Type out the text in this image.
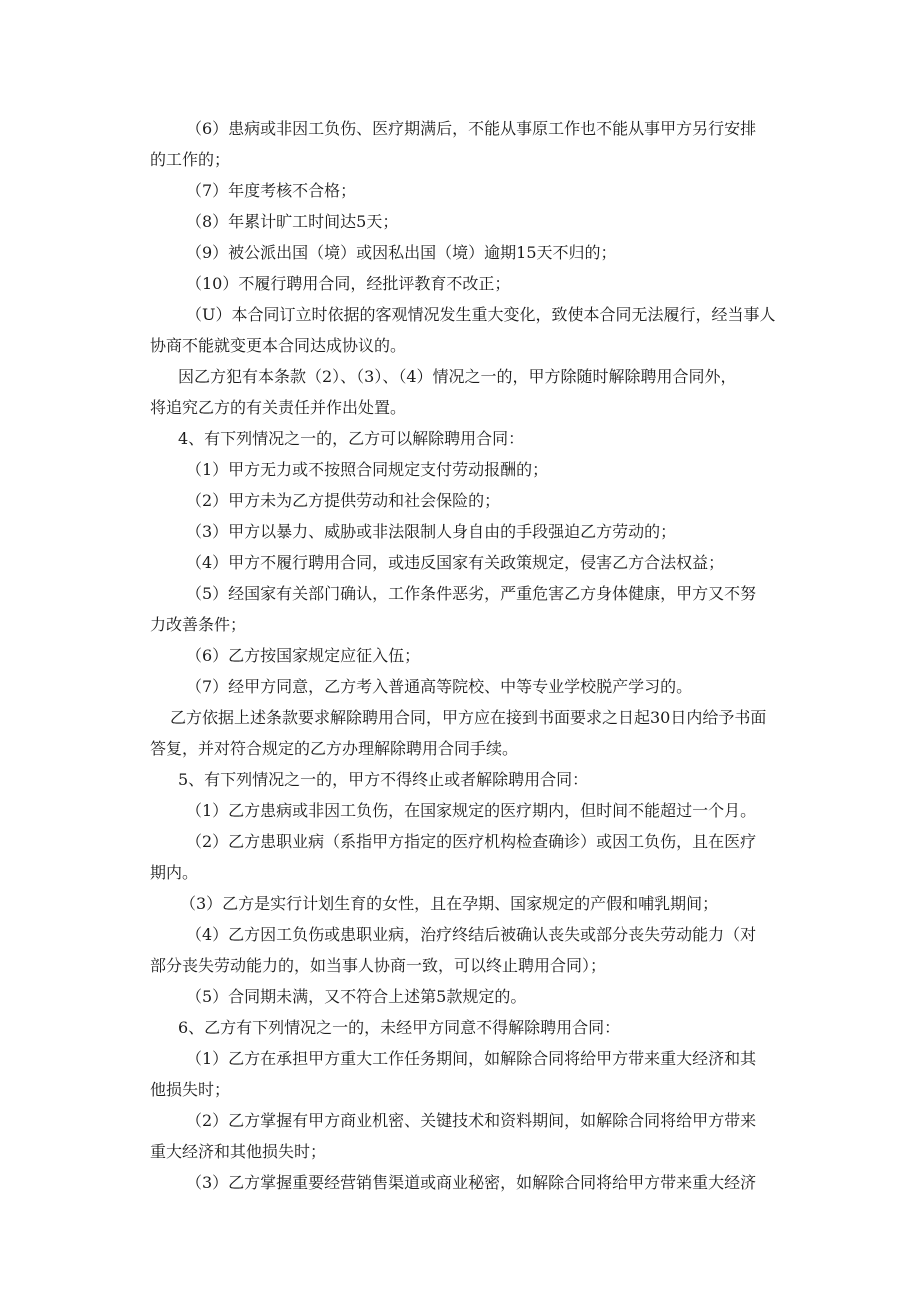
（6）患病或非因工负伤、医疗期满后，不能从事原工作也不能从事甲方另行安排
的工作的；
（7）年度考核不合格；
（8）年累计旷工时间达5天；
（9）被公派出国（境）或因私出国（境）逾期15天不归的；
（10）不履行聘用合同，经批评教育不改正；
（U）本合同订立时依据的客观情况发生重大变化，致使本合同无法履行，经当事人
协商不能就变更本合同达成协议的。
因乙方犯有本条款（2）、（3）、（4）情况之一的，甲方除随时解除聘用合同外，
将追究乙方的有关责任并作出处置。
4、有下列情况之一的，乙方可以解除聘用合同：
（1）甲方无力或不按照合同规定支付劳动报酬的；
（2）甲方未为乙方提供劳动和社会保险的；
（3）甲方以暴力、威胁或非法限制人身自由的手段强迫乙方劳动的；
（4）甲方不履行聘用合同，或违反国家有关政策规定，侵害乙方合法权益；
（5）经国家有关部门确认，工作条件恶劣，严重危害乙方身体健康，甲方又不努
力改善条件；
（6）乙方按国家规定应征入伍；
（7）经甲方同意，乙方考入普通高等院校、中等专业学校脱产学习的。
乙方依据上述条款要求解除聘用合同，甲方应在接到书面要求之日起30日内给予书面
答复，并对符合规定的乙方办理解除聘用合同手续。
5、有下列情况之一的，甲方不得终止或者解除聘用合同：
（1）乙方患病或非因工负伤，在国家规定的医疗期内，但时间不能超过一个月。
（2）乙方患职业病（系指甲方指定的医疗机构检查确诊）或因工负伤，且在医疗
期内。
（3）乙方是实行计划生育的女性，且在孕期、国家规定的产假和哺乳期间；
（4）乙方因工负伤或患职业病，治疗终结后被确认丧失或部分丧失劳动能力（对
部分丧失劳动能力的，如当事人协商一致，可以终止聘用合同）；
（5）合同期未满，又不符合上述第5款规定的。
6、乙方有下列情况之一的，未经甲方同意不得解除聘用合同：
（1）乙方在承担甲方重大工作任务期间，如解除合同将给甲方带来重大经济和其
他损失时；
（2）乙方掌握有甲方商业机密、关键技术和资料期间，如解除合同将给甲方带来
重大经济和其他损失时；
（3）乙方掌握重要经营销售渠道或商业秘密，如解除合同将给甲方带来重大经济
